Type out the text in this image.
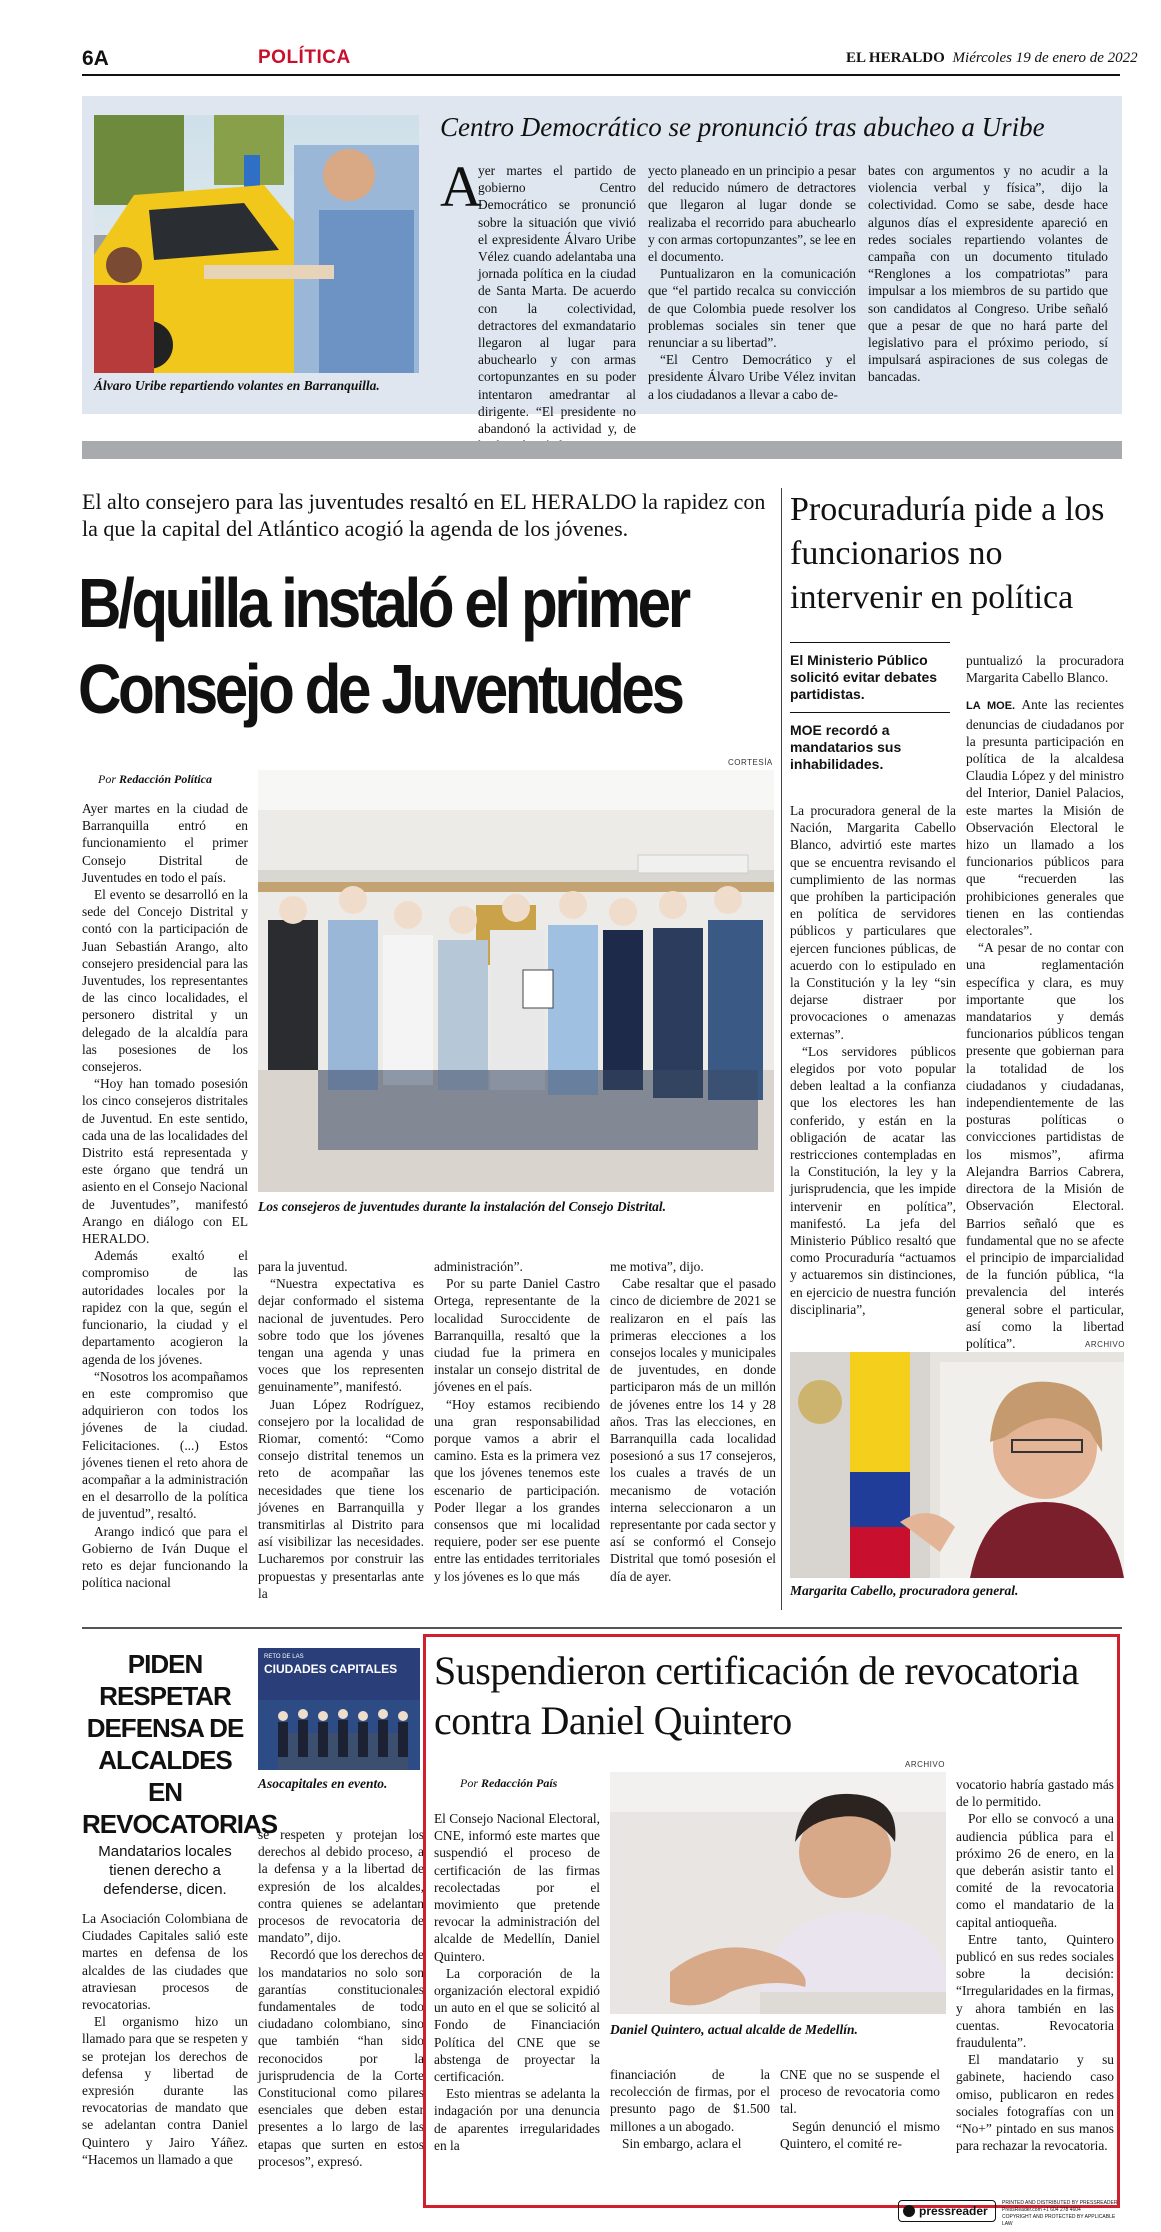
6A	POLÍTICA	EL HERALDO Miércoles 19 de enero de 2022
Álvaro Uribe repartiendo volantes en Barranquilla.
Centro Democrático se pronunció tras abucheo a Uribe
A

yer martes el partido de gobierno Centro Democrático se pronunció sobre la situación que vivió el expresidente Álvaro Uribe Vélez cuando adelantaba una jornada política en la ciudad de Santa Marta. De acuerdo con la colectividad, detractores del exmandatario llegaron al lugar para abuchearlo y con armas cortopunzantes en su poder intentaron amedrantar al dirigente. “El presidente no abandonó la actividad y, de

yecto planeado en un principio a pesar del reducido número de detractores que llegaron al lugar donde se realizaba el recorrido para abuchearlo y con armas cortopunzantes”, se lee en el documento.

Puntualizaron en la comunicación que “el partido recalca su convicción de que Colombia puede resolver los problemas sociales sin tener que renunciar a su libertad”.

“El Centro Democrático y el presidente Álvaro Uribe Vélez invitan a los ciudadanos a llevar a cabo de-

bates con argumentos y no acudir a la violencia verbal y física”, dijo la colectividad. Como se sabe, desde hace algunos días el expresidente apareció en redes sociales repartiendo volantes de campaña con un documento titulado “Renglones a los compatriotas” para impulsar a los miembros de su partido que son candidatos al Congreso. Uribe señaló que a pesar de que no hará parte del legislativo para el próximo periodo, sí impulsará aspiraciones de sus colegas de bancadas.

El alto consejero para las juventudes resaltó en EL HERALDO la rapidez con la que la capital del Atlántico acogió la agenda de los jóvenes.
B/quilla instaló el primer Consejo de Juventudes
CORTESÍA
Por Redacción Política
Los consejeros de juventudes durante la instalación del Consejo Distrital.

Ayer martes en la ciudad de Barranquilla entró en funcionamiento el primer Consejo Distrital de Juventudes en todo el país.

El evento se desarrolló en la sede del Concejo Distrital y contó con la participación de Juan Sebastián Arango, alto consejero presidencial para las Juventudes, los representantes de las cinco localidades, el personero distrital y un delegado de la alcaldía para las posesiones de los consejeros.

“Hoy han tomado posesión los cinco consejeros distritales de Juventud. En este sentido, cada una de las localidades del Distrito está representada y este órgano que tendrá un asiento en el Consejo Nacional de Juventudes”, manifestó Arango en diálogo con EL HERALDO.

Además exaltó el compromiso de las autoridades locales por la rapidez con la que, según el funcionario, la ciudad y el departamento acogieron la agenda de los jóvenes.

“Nosotros los acompañamos en este compromiso que adquirieron con todos los jóvenes de la ciudad. Felicitaciones. (...) Estos jóvenes tienen el reto ahora de acompañar a la administración en el desarrollo de la política de juventud”, resaltó.

Arango indicó que para el Gobierno de Iván Duque el reto es dejar funcionando la política nacional

para la juventud.

“Nuestra expectativa es dejar conformado el sistema nacional de juventudes. Pero sobre todo que los jóvenes tengan una agenda y unas voces que los representen genuinamente”, manifestó.

Juan López Rodríguez, consejero por la localidad de Riomar, comentó: “Como consejo distrital tenemos un reto de acompañar las necesidades que tiene los jóvenes en Barranquilla y transmitirlas al Distrito para así visibilizar las necesidades. Lucharemos por construir las propuestas y presentarlas ante la

administración”.

Por su parte Daniel Castro Ortega, representante de la localidad Suroccidente de Barranquilla, resaltó que la ciudad fue la primera en instalar un consejo distrital de jóvenes en el país.

“Hoy estamos recibiendo una gran responsabilidad porque vamos a abrir el camino. Esta es la primera vez que los jóvenes tenemos este escenario de participación. Poder llegar a los grandes consensos que mi localidad requiere, poder ser ese puente entre las entidades territoriales y los jóvenes es lo que más

me motiva”, dijo.

Cabe resaltar que el pasado cinco de diciembre de 2021 se realizaron en el país las primeras elecciones a los consejos locales y municipales de juventudes, en donde participaron más de un millón de jóvenes entre los 14 y 28 años. Tras las elecciones, en Barranquilla cada localidad posesionó a sus 17 consejeros, los cuales a través de un mecanismo de votación interna seleccionaron a un representante por cada sector y así se conformó el Consejo Distrital que tomó posesión el día de ayer.

Procuraduría pide a los funcionarios no intervenir en política
El Ministerio Público solicitó evitar debates partidistas.
MOE recordó a mandatarios sus inhabilidades.

La procuradora general de la Nación, Margarita Cabello Blanco, advirtió este martes que se encuentra revisando el cumplimiento de las normas que prohíben la participación en política de servidores públicos y particulares que ejercen funciones públicas, de acuerdo con lo estipulado en la Constitución y la ley “sin dejarse distraer por provocaciones o amenazas externas”.

“Los servidores públicos elegidos por voto popular deben lealtad a la confianza que los electores les han conferido, y están en la obligación de acatar las restricciones contempladas en la Constitución, la ley y la jurisprudencia, que les impide intervenir en política”, manifestó. La jefa del Ministerio Público resaltó que como Procuraduría “actuamos y actuaremos sin distinciones, en ejercicio de nuestra función disciplinaria”,

puntualizó la procuradora Margarita Cabello Blanco.

LA MOE. Ante las recientes denuncias de ciudadanos por la presunta participación en política de la alcaldesa Claudia López y del ministro del Interior, Daniel Palacios, este martes la Misión de Observación Electoral le hizo un llamado a los funcionarios públicos para que “recuerden las prohibiciones generales que tienen en las contiendas electorales”.

“A pesar de no contar con una reglamentación específica y clara, es muy importante que los mandatarios y demás funcionarios públicos tengan presente que gobiernan para la totalidad de los ciudadanos y ciudadanas, independientemente de las posturas políticas o convicciones partidistas de los mismos”, afirma Alejandra Barrios Cabrera, directora de la Misión de Observación Electoral. Barrios señaló que es fundamental que no se afecte el principio de imparcialidad de la función pública, “la prevalencia del interés general sobre el particular, así como la libertad política”.	ARCHIVO
Margarita Cabello, procuradora general.
PIDEN RESPETAR DEFENSA DE ALCALDES EN REVOCATORIAS
Mandatarios locales tienen derecho a defenderse, dicen.
RETO DE LAS
CIUDADES CAPITALES
Asocapitales en evento.

La Asociación Colombiana de Ciudades Capitales salió este martes en defensa de los alcaldes de las ciudades que atraviesan procesos de revocatorias.

El organismo hizo un llamado para que se respeten y se protejan los derechos de defensa y libertad de expresión durante las revocatorias de mandato que se adelantan contra Daniel Quintero y Jairo Yáñez. “Hacemos un llamado a que

se respeten y protejan los derechos al debido proceso, a la defensa y a la libertad de expresión de los alcaldes, contra quienes se adelantan procesos de revocatoria de mandato”, dijo.

Recordó que los derechos de los mandatarios no solo son garantías constitucionales fundamentales de todo ciudadano colombiano, sino que también “han sido reconocidos por la jurisprudencia de la Corte Constitucional como pilares esenciales que deben estar presentes a lo largo de las etapas que surten en estos procesos”, expresó.

Suspendieron certificación de revocatoria contra Daniel Quintero
ARCHIVO
Por Redacción País
Daniel Quintero, actual alcalde de Medellín.

El Consejo Nacional Electoral, CNE, informó este martes que suspendió el proceso de certificación de las firmas recolectadas por el movimiento que pretende revocar la administración del alcalde de Medellín, Daniel Quintero.

La corporación de la organización electoral expidió un auto en el que se solicitó al Fondo de Financiación Política del CNE que se abstenga de proyectar la certificación.

Esto mientras se adelanta la indagación por una denuncia de aparentes irregularidades en la

financiación de la recolección de firmas, por el presunto pago de $1.500 millones a un abogado.

Sin embargo, aclara el

CNE que no se suspende el proceso de revocatoria como tal.

Según denunció el mismo Quintero, el comité re-

vocatorio habría gastado más de lo permitido.

Por ello se convocó a una audiencia pública para el próximo 26 de enero, en la que deberán asistir tanto el comité de la revocatoria como el mandatario de la capital antioqueña.

Entre tanto, Quintero publicó en sus redes sociales sobre la decisión: “Irregularidades en la firmas, y ahora también en las cuentas. Revocatoria fraudulenta”.

El mandatario y su gabinete, haciendo caso omiso, publicaron en redes sociales fotografías con un “No+” pintado en sus manos para rechazar la revocatoria.

pressreader
PRINTED AND DISTRIBUTED BY PRESSREADER
PressReader.com +1 604 278 4604
COPYRIGHT AND PROTECTED BY APPLICABLE LAW
